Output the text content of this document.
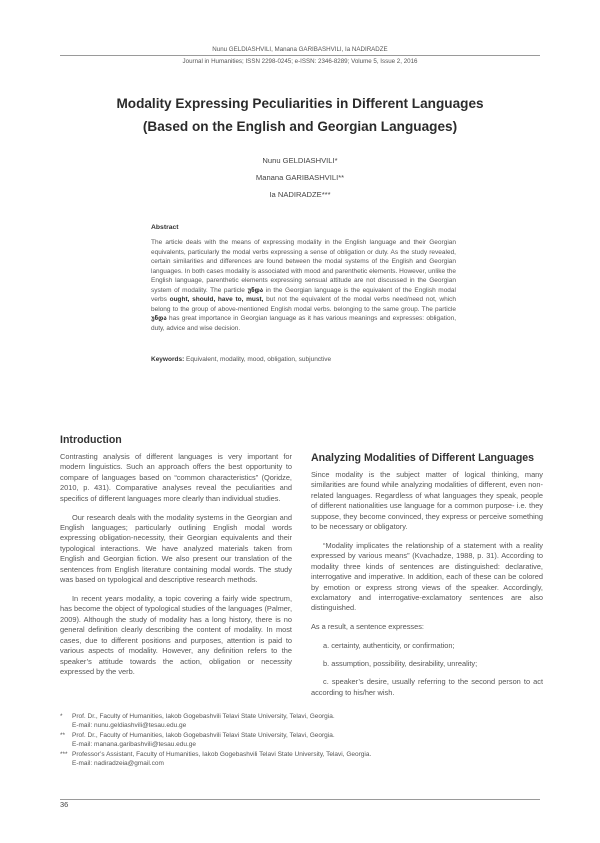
Nunu GELDIASHVILI, Manana GARIBASHVILI, Ia NADIRADZE
Journal in Humanities; ISSN 2298-0245; e-ISSN: 2346-8289; Volume 5, Issue 2, 2016
Modality Expressing Peculiarities in Different Languages
(Based on the English and Georgian Languages)
Nunu GELDIASHVILI*
Manana GARIBASHVILI**
Ia NADIRADZE***
Abstract
The article deals with the means of expressing modality in the English language and their Georgian equivalents, particularly the modal verbs expressing a sense of obligation or duty. As the study revealed, certain similarities and differences are found between the modal systems of the English and Georgian languages. In both cases modality is associated with mood and parenthetic elements. However, unlike the English language, parenthetic elements expressing sensual attitude are not discussed in the Georgian system of modality. The particle უნდა in the Georgian language is the equivalent of the English modal verbs ought, should, have to, must, but not the equivalent of the modal verbs need/need not, which belong to the group of above-mentioned English modal verbs. belonging to the same group. The particle უნდა has great importance in Georgian language as it has various meanings and expresses: obligation, duty, advice and wise decision.
Keywords: Equivalent, modality, mood, obligation, subjunctive
Introduction

Contrasting analysis of different languages is very important for modern linguistics. Such an approach offers the best opportunity to compare of languages based on “common characteristics” (Qoridze, 2010, p. 431). Comparative analyses reveal the peculiarities and specifics of different languages more clearly than individual studies.

Our research deals with the modality systems in the Georgian and English languages; particularly outlining English modal words expressing obligation-necessity, their Georgian equivalents and their typological interactions. We have analyzed materials taken from English and Georgian fiction. We also present our translation of the sentences from English literature containing modal words. The study was based on typological and descriptive research methods.

In recent years modality, a topic covering a fairly wide spectrum, has become the object of typological studies of the languages (Palmer, 2009). Although the study of modality has a long history, there is no general definition clearly describing the content of modality. In most cases, due to different positions and purposes, attention is paid to various aspects of modality. However, any definition refers to the speaker’s attitude towards the action, obligation or necessity expressed by the verb.

Analyzing Modalities of Different Languages

Since modality is the subject matter of logical thinking, many similarities are found while analyzing modalities of different, even non-related languages. Regardless of what languages they speak, people of different nationalities use language for a common purpose- i.e. they suppose, they become convinced, they express or perceive something to be necessary or obligatory.

“Modality implicates the relationship of a statement with a reality expressed by various means” (Kvachadze, 1988, p. 31). According to modality three kinds of sentences are distinguished: declarative, interrogative and imperative. In addition, each of these can be colored by emotion or express strong views of the speaker. Accordingly, exclamatory and interrogative-exclamatory sentences are also distinguished.

As a result, a sentence expresses:

a. certainty, authenticity, or confirmation;

b. assumption, possibility, desirability, unreality;

c. speaker’s desire, usually referring to the second person to act according to his/her wish.

*	Prof. Dr., Faculty of Humanities, Iakob Gogebashvili Telavi State University, Telavi, Georgia.
E-mail: nunu.geldiashvili@tesau.edu.ge
**	Prof. Dr., Faculty of Humanities, Iakob Gogebashvili Telavi State University, Telavi, Georgia.
E-mail: manana.garibashvili@tesau.edu.ge
*** Professor’s Assistant, Faculty of Humanities, Iakob Gogebashvili Telavi State University, Telavi, Georgia.
E-mail: nadiradzeia@gmail.com
36
